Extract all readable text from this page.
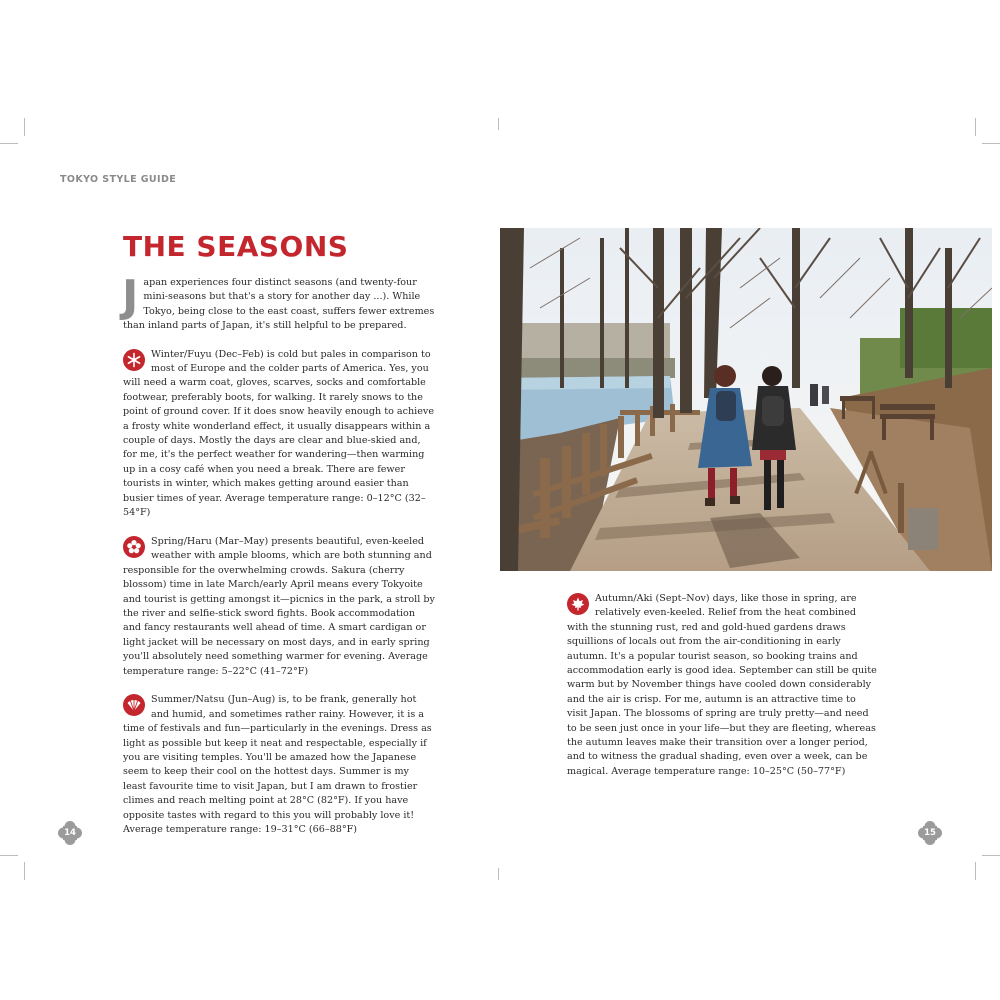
TOKYO STYLE GUIDE
THE SEASONS

Japan experiences four distinct seasons (and twenty-four mini-seasons but that's a story for another day ...). While Tokyo, being close to the east coast, suffers fewer extremes than inland parts of Japan, it's still helpful to be prepared.

Winter/Fuyu (Dec–Feb) is cold but pales in comparison to most of Europe and the colder parts of America. Yes, you will need a warm coat, gloves, scarves, socks and comfortable footwear, preferably boots, for walking. It rarely snows to the point of ground cover. If it does snow heavily enough to achieve a frosty white wonderland effect, it usually disappears within a couple of days. Mostly the days are clear and blue-skied and, for me, it's the perfect weather for wandering—then warming up in a cosy café when you need a break. There are fewer tourists in winter, which makes getting around easier than busier times of year. Average temperature range: 0–12°C (32–54°F)

Spring/Haru (Mar–May) presents beautiful, even-keeled weather with ample blooms, which are both stunning and responsible for the overwhelming crowds. Sakura (cherry blossom) time in late March/early April means every Tokyoite and tourist is getting amongst it—picnics in the park, a stroll by the river and selfie-stick sword fights. Book accommodation and fancy restaurants well ahead of time. A smart cardigan or light jacket will be necessary on most days, and in early spring you'll absolutely need something warmer for evening. Average temperature range: 5–22°C (41–72°F)

Summer/Natsu (Jun–Aug) is, to be frank, generally hot and humid, and sometimes rather rainy. However, it is a time of festivals and fun—particularly in the evenings. Dress as light as possible but keep it neat and respectable, especially if you are visiting temples. You'll be amazed how the Japanese seem to keep their cool on the hottest days. Summer is my least favourite time to visit Japan, but I am drawn to frostier climes and reach melting point at 28°C (82°F). If you have opposite tastes with regard to this you will probably love it! Average temperature range: 19–31°C (66–88°F)

Autumn/Aki (Sept–Nov) days, like those in spring, are relatively even-keeled. Relief from the heat combined with the stunning rust, red and gold-hued gardens draws squillions of locals out from the air-conditioning in early autumn. It's a popular tourist season, so booking trains and accommodation early is good idea. September can still be quite warm but by November things have cooled down considerably and the air is crisp. For me, autumn is an attractive time to visit Japan. The blossoms of spring are truly pretty—and need to be seen just once in your life—but they are fleeting, whereas the autumn leaves make their transition over a longer period, and to witness the gradual shading, even over a week, can be magical. Average temperature range: 10–25°C (50–77°F)

14	15
